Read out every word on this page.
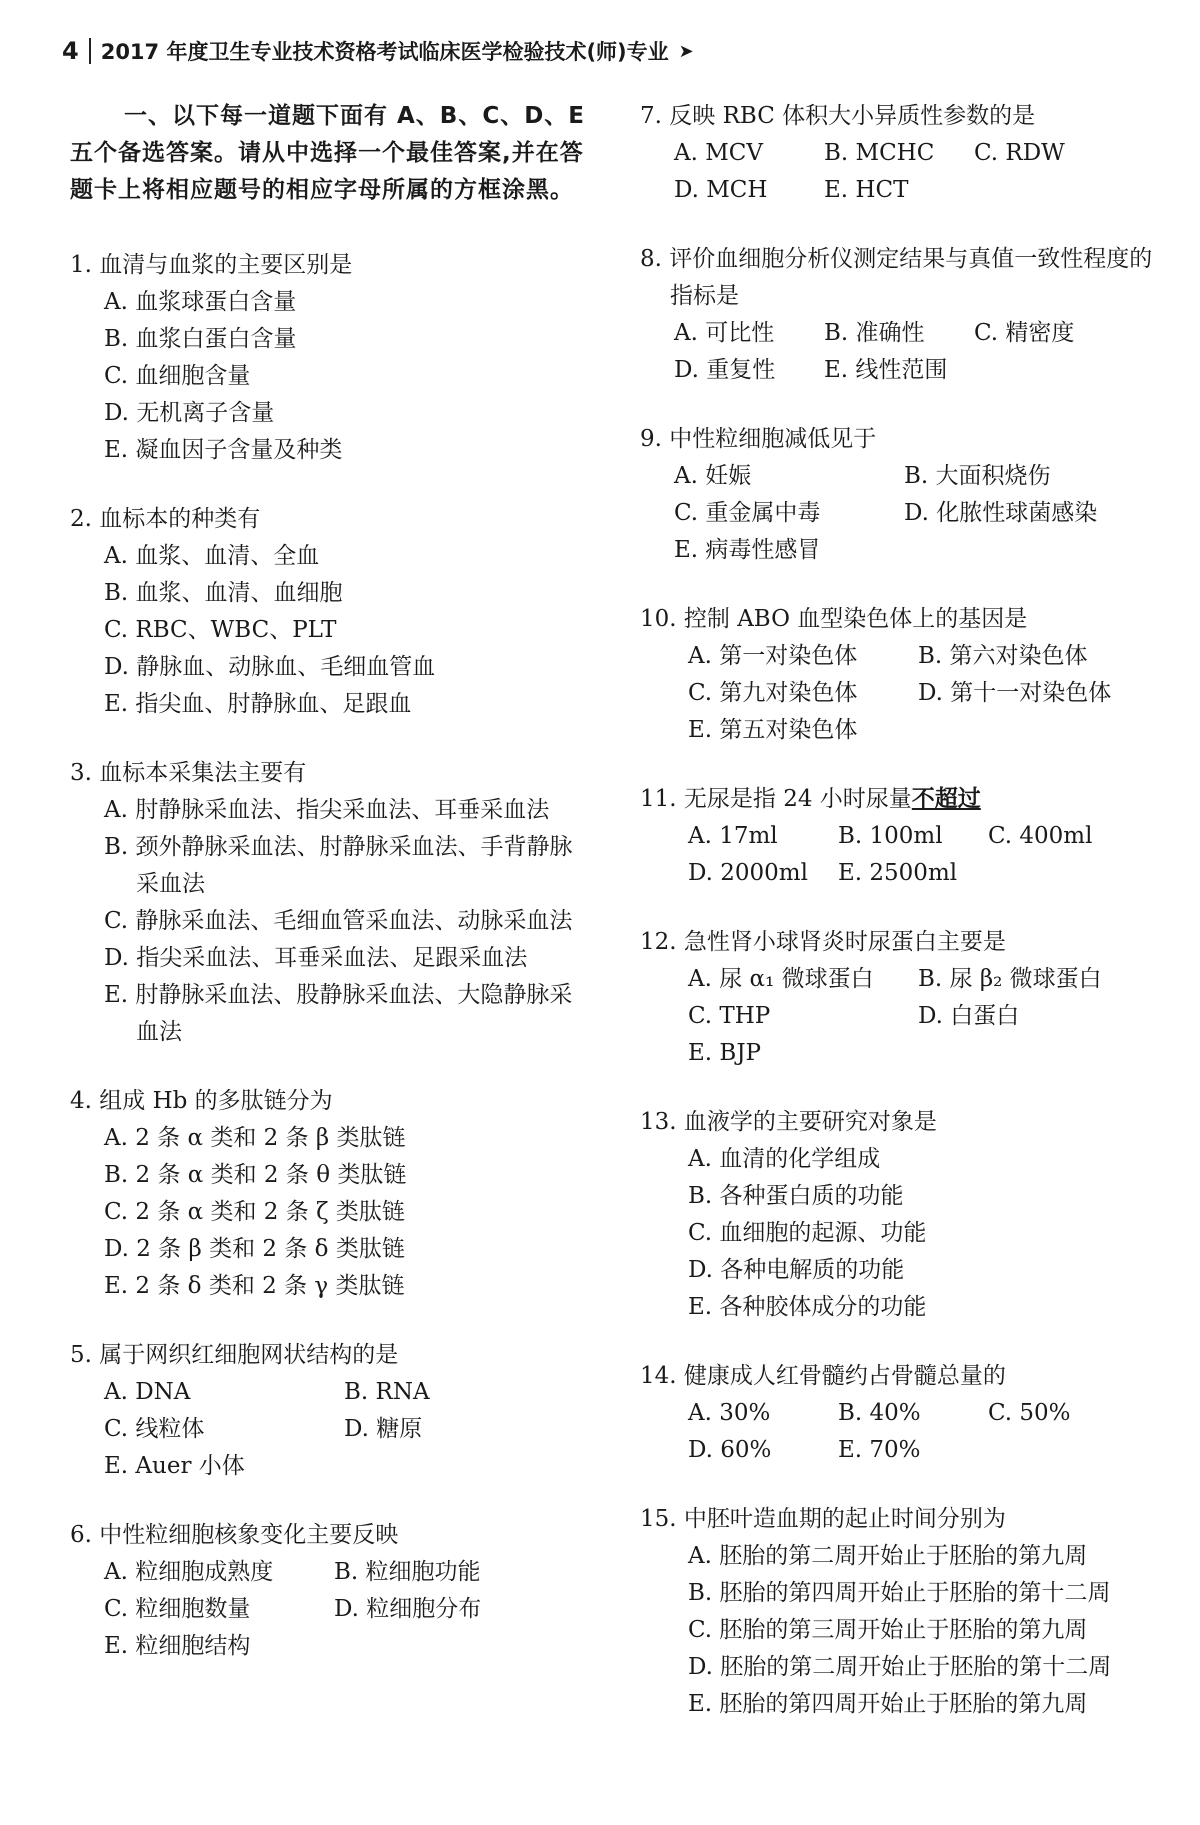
4 2017 年度卫生专业技术资格考试临床医学检验技术(师)专业 ➤
一、以下每一道题下面有 A、B、C、D、E 五个备选答案。请从中选择一个最佳答案,并在答题卡上将相应题号的相应字母所属的方框涂黑。
1. 血清与血浆的主要区别是
A. 血浆球蛋白含量
B. 血浆白蛋白含量
C. 血细胞含量
D. 无机离子含量
E. 凝血因子含量及种类
2. 血标本的种类有
A. 血浆、血清、全血
B. 血浆、血清、血细胞
C. RBC、WBC、PLT
D. 静脉血、动脉血、毛细血管血
E. 指尖血、肘静脉血、足跟血
3. 血标本采集法主要有
A. 肘静脉采血法、指尖采血法、耳垂采血法
B. 颈外静脉采血法、肘静脉采血法、手背静脉采血法
C. 静脉采血法、毛细血管采血法、动脉采血法
D. 指尖采血法、耳垂采血法、足跟采血法
E. 肘静脉采血法、股静脉采血法、大隐静脉采血法
4. 组成 Hb 的多肽链分为
A. 2 条 α 类和 2 条 β 类肽链
B. 2 条 α 类和 2 条 θ 类肽链
C. 2 条 α 类和 2 条 ζ 类肽链
D. 2 条 β 类和 2 条 δ 类肽链
E. 2 条 δ 类和 2 条 γ 类肽链
5. 属于网织红细胞网状结构的是
A. DNA	B. RNA
C. 线粒体	D. 糖原
E. Auer 小体
6. 中性粒细胞核象变化主要反映
A. 粒细胞成熟度	B. 粒细胞功能
C. 粒细胞数量	D. 粒细胞分布
E. 粒细胞结构
7. 反映 RBC 体积大小异质性参数的是
A. MCV	B. MCHC	C. RDW
D. MCH	E. HCT
8. 评价血细胞分析仪测定结果与真值一致性程度的指标是
A. 可比性	B. 准确性	C. 精密度
D. 重复性	E. 线性范围
9. 中性粒细胞减低见于
A. 妊娠	B. 大面积烧伤
C. 重金属中毒	D. 化脓性球菌感染
E. 病毒性感冒
10. 控制 ABO 血型染色体上的基因是
A. 第一对染色体	B. 第六对染色体
C. 第九对染色体	D. 第十一对染色体
E. 第五对染色体
11. 无尿是指 24 小时尿量不超过
A. 17ml	B. 100ml	C. 400ml
D. 2000ml	E. 2500ml
12. 急性肾小球肾炎时尿蛋白主要是
A. 尿 α₁ 微球蛋白	B. 尿 β₂ 微球蛋白
C. THP	D. 白蛋白
E. BJP
13. 血液学的主要研究对象是
A. 血清的化学组成
B. 各种蛋白质的功能
C. 血细胞的起源、功能
D. 各种电解质的功能
E. 各种胶体成分的功能
14. 健康成人红骨髓约占骨髓总量的
A. 30%	B. 40%	C. 50%
D. 60%	E. 70%
15. 中胚叶造血期的起止时间分别为
A. 胚胎的第二周开始止于胚胎的第九周
B. 胚胎的第四周开始止于胚胎的第十二周
C. 胚胎的第三周开始止于胚胎的第九周
D. 胚胎的第二周开始止于胚胎的第十二周
E. 胚胎的第四周开始止于胚胎的第九周
